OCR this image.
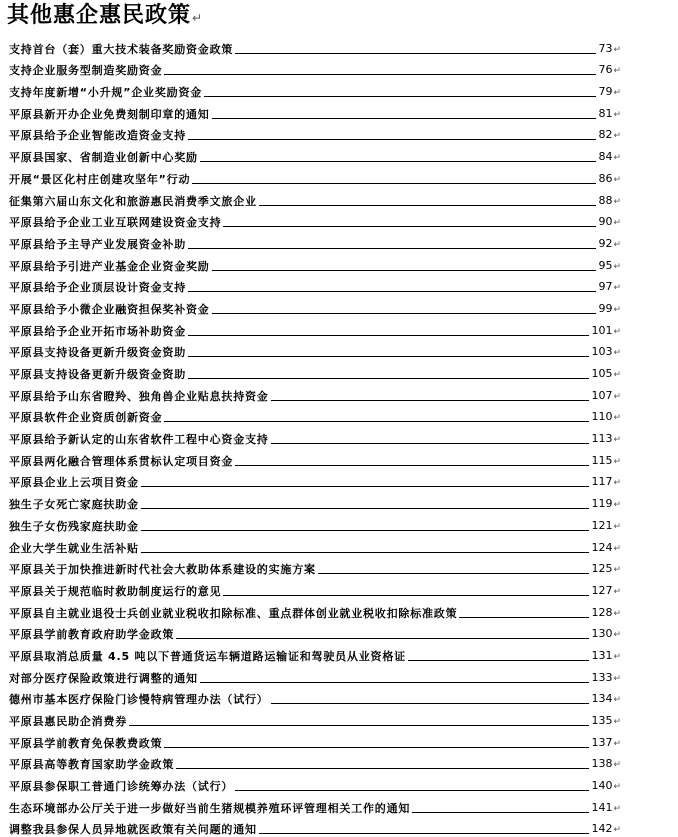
其他惠企惠民政策↵
支持首台（套）重大技术装备奖励资金政策	73↵
支持企业服务型制造奖励资金	76↵
支持年度新增“小升规”企业奖励资金	79↵
平原县新开办企业免费刻制印章的通知	81↵
平原县给予企业智能改造资金支持	82↵
平原县国家、省制造业创新中心奖励	84↵
开展“景区化村庄创建攻坚年”行动	86↵
征集第六届山东文化和旅游惠民消费季文旅企业	88↵
平原县给予企业工业互联网建设资金支持	90↵
平原县给予主导产业发展资金补助	92↵
平原县给予引进产业基金企业资金奖励	95↵
平原县给予企业顶层设计资金支持	97↵
平原县给予小微企业融资担保奖补资金	99↵
平原县给予企业开拓市场补助资金	101↵
平原县支持设备更新升级资金资助	103↵
平原县支持设备更新升级资金资助	105↵
平原县给予山东省瞪羚、独角兽企业贴息扶持资金	107↵
平原县软件企业资质创新资金	110↵
平原县给予新认定的山东省软件工程中心资金支持	113↵
平原县两化融合管理体系贯标认定项目资金	115↵
平原县企业上云项目资金	117↵
独生子女死亡家庭扶助金	119↵
独生子女伤残家庭扶助金	121↵
企业大学生就业生活补贴	124↵
平原县关于加快推进新时代社会大救助体系建设的实施方案	125↵
平原县关于规范临时救助制度运行的意见	127↵
平原县自主就业退役士兵创业就业税收扣除标准、重点群体创业就业税收扣除标准政策	128↵
平原县学前教育政府助学金政策	130↵
平原县取消总质量 4.5 吨以下普通货运车辆道路运输证和驾驶员从业资格证	131↵
对部分医疗保险政策进行调整的通知	133↵
德州市基本医疗保险门诊慢特病管理办法（试行）	134↵
平原县惠民助企消费券	135↵
平原县学前教育免保教费政策	137↵
平原县高等教育国家助学金政策	138↵
平原县参保职工普通门诊统筹办法（试行）	140↵
生态环境部办公厅关于进一步做好当前生猪规模养殖环评管理相关工作的通知	141↵
调整我县参保人员异地就医政策有关问题的通知	142↵
